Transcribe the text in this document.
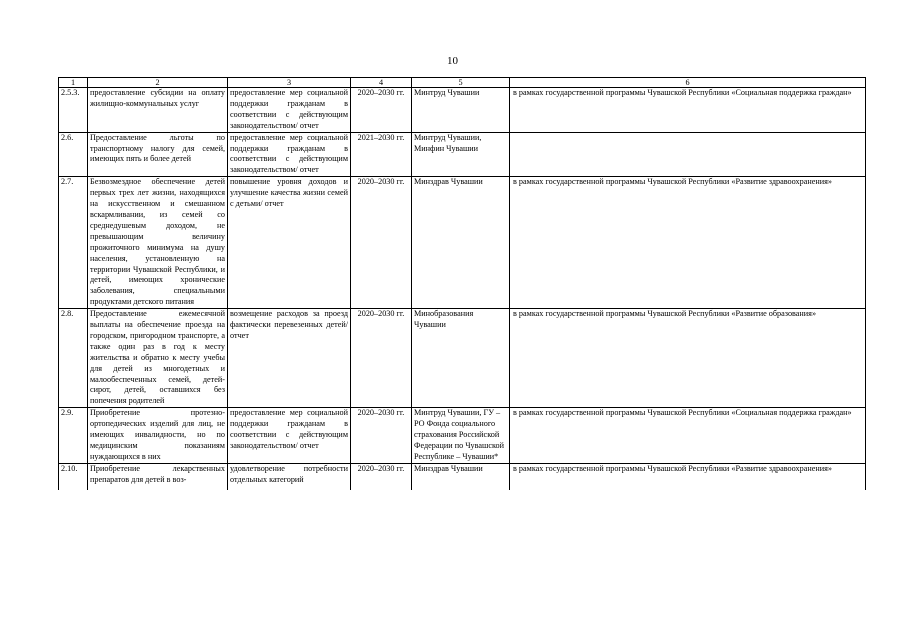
10
1	2	3	4	5	6
2.5.3.	предоставление субсидии на оплату жилищно-коммунальных услуг	предоставление мер социальной поддержки гражданам в соответствии с действующим законодательством/ отчет	2020–2030 гг.	Минтруд Чувашии	в рамках государственной программы Чувашской Республики «Социальная поддержка граждан»
2.6.	Предоставление льготы по транспортному налогу для семей, имеющих пять и более детей	предоставление мер социальной поддержки гражданам в соответствии с действующим законодательством/ отчет	2021–2030 гг.	Минтруд Чувашии, Минфин Чувашии	
2.7.	Безвозмездное обеспечение детей первых трех лет жизни, находящихся на искусственном и смешанном вскармливании, из семей со среднедушевым доходом, не превышающим величину прожиточного минимума на душу населения, установленную на территории Чувашской Республики, и детей, имеющих хронические заболевания, специальными продуктами детского питания	повышение уровня доходов и улучшение качества жизни семей с детьми/ отчет	2020–2030 гг.	Минздрав Чувашии	в рамках государственной программы Чувашской Республики «Развитие здравоохранения»
2.8.	Предоставление ежемесячной выплаты на обеспечение проезда на городском, пригородном транспорте, а также один раз в год к месту жительства и обратно к месту учебы для детей из многодетных и малообеспеченных семей, детей-сирот, детей, оставшихся без попечения родителей	возмещение расходов за проезд фактически перевезенных детей/ отчет	2020–2030 гг.	Минобразования Чувашии	в рамках государственной программы Чувашской Республики «Развитие образования»
2.9.	Приобретение протезно-ортопедических изделий для лиц, не имеющих инвалидности, но по медицинским показаниям нуждающихся в них	предоставление мер социальной поддержки гражданам в соответствии с действующим законодательством/ отчет	2020–2030 гг.	Минтруд Чувашии, ГУ – РО Фонда социального страхования Российской Федерации по Чувашской Республике – Чувашии*	в рамках государственной программы Чувашской Республики «Социальная поддержка граждан»
2.10.	Приобретение лекарственных препаратов для детей в воз-	удовлетворение потребности отдельных категорий	2020–2030 гг.	Минздрав Чувашии	в рамках государственной программы Чувашской Республики «Развитие здравоохранения»
